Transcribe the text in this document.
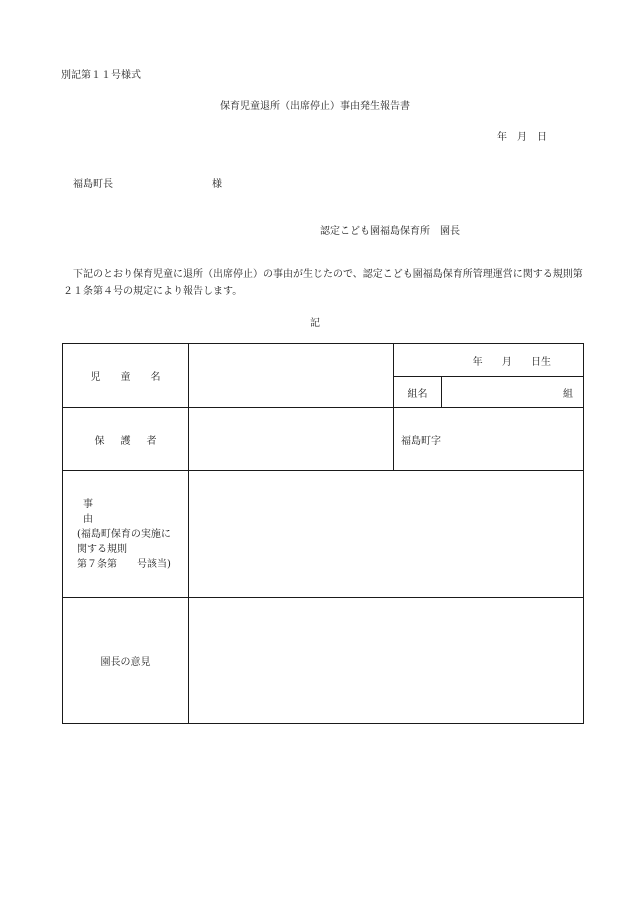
別記第１１号様式
保育児童退所（出席停止）事由発生報告書
年　月　日
福島町長	様
認定こども園福島保育所　園長
　下記のとおり保育児童に退所（出席停止）の事由が生じたので、認定こども園福島保育所管理運営に関する規則第２１条第４号の規定により報告します。
記
児童名		年 月 日生	
		組名	組
保護者		福島町字	

事由
(福島町保育の実施に
関する規則
第７条第　　号該当)			

園長の意見			
